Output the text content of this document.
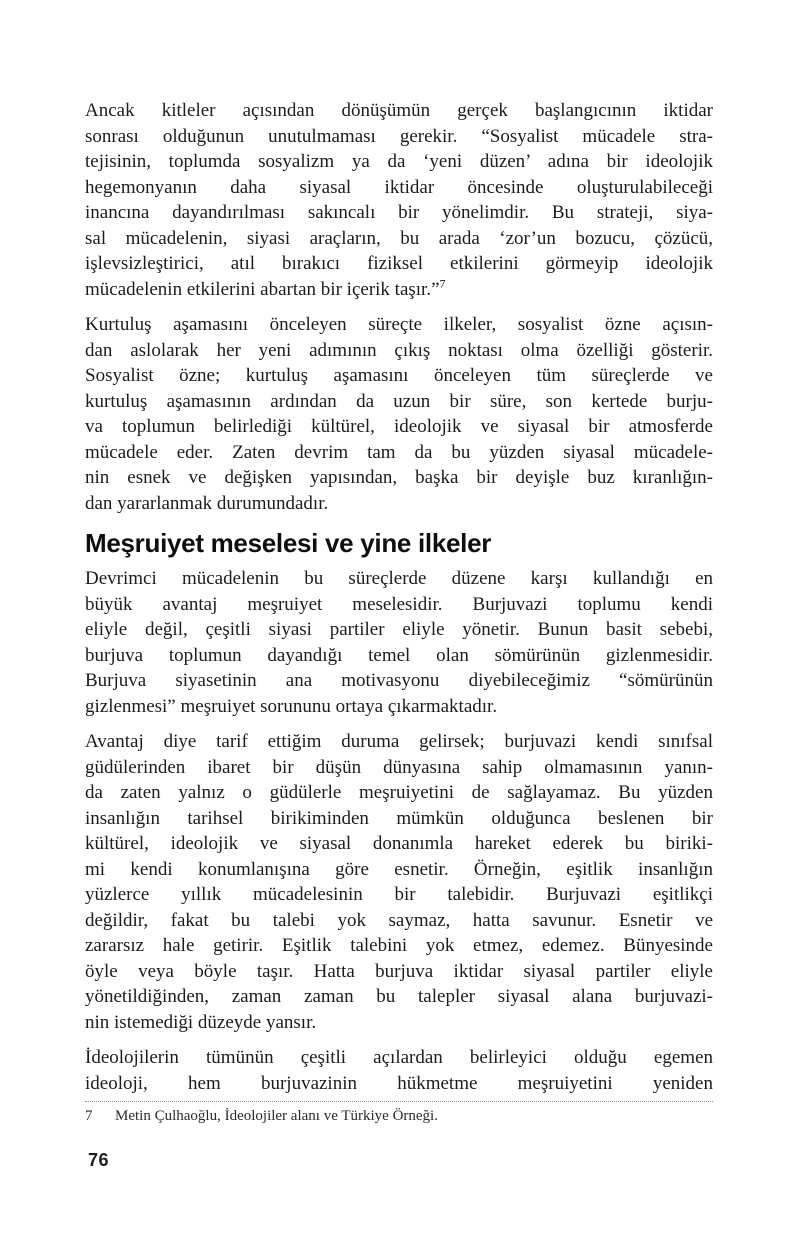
Ancak kitleler açısından dönüşümün gerçek başlangıcının iktidar
sonrası olduğunun unutulmaması gerekir. “Sosyalist mücadele stra-
tejisinin, toplumda sosyalizm ya da ‘yeni düzen’ adına bir ideolojik
hegemonyanın daha siyasal iktidar öncesinde oluşturulabileceği
inancına dayandırılması sakıncalı bir yönelimdir. Bu strateji, siya-
sal mücadelenin, siyasi araçların, bu arada ‘zor’un bozucu, çözücü,
işlevsizleştirici, atıl bırakıcı fiziksel etkilerini görmeyip ideolojik
mücadelenin etkilerini abartan bir içerik taşır.”$^7$
Kurtuluş aşamasını önceleyen süreçte ilkeler, sosyalist özne açısın-
dan aslolarak her yeni adımının çıkış noktası olma özelliği gösterir.
Sosyalist özne; kurtuluş aşamasını önceleyen tüm süreçlerde ve
kurtuluş aşamasının ardından da uzun bir süre, son kertede burju-
va toplumun belirlediği kültürel, ideolojik ve siyasal bir atmosferde
mücadele eder. Zaten devrim tam da bu yüzden siyasal mücadele-
nin esnek ve değişken yapısından, başka bir deyişle buz kıranlığın-
dan yararlanmak durumundadır.
Meşruiyet meselesi ve yine ilkeler
Devrimci mücadelenin bu süreçlerde düzene karşı kullandığı en
büyük avantaj meşruiyet meselesidir. Burjuvazi toplumu kendi
eliyle değil, çeşitli siyasi partiler eliyle yönetir. Bunun basit sebebi,
burjuva toplumun dayandığı temel olan sömürünün gizlenmesidir.
Burjuva siyasetinin ana motivasyonu diyebileceğimiz “sömürünün
gizlenmesi” meşruiyet sorununu ortaya çıkarmaktadır.
Avantaj diye tarif ettiğim duruma gelirsek; burjuvazi kendi sınıfsal
güdülerinden ibaret bir düşün dünyasına sahip olmamasının yanın-
da zaten yalnız o güdülerle meşruiyetini de sağlayamaz. Bu yüzden
insanlığın tarihsel birikiminden mümkün olduğunca beslenen bir
kültürel, ideolojik ve siyasal donanımla hareket ederek bu biriki-
mi kendi konumlanışına göre esnetir. Örneğin, eşitlik insanlığın
yüzlerce yıllık mücadelesinin bir talebidir. Burjuvazi eşitlikçi
değildir, fakat bu talebi yok saymaz, hatta savunur. Esnetir ve
zararsız hale getirir. Eşitlik talebini yok etmez, edemez. Bünyesinde
öyle veya böyle taşır. Hatta burjuva iktidar siyasal partiler eliyle
yönetildiğinden, zaman zaman bu talepler siyasal alana burjuvazi-
nin istemediği düzeyde yansır.
İdeolojilerin tümünün çeşitli açılardan belirleyici olduğu egemen
ideoloji, hem burjuvazinin hükmetme meşruiyetini yeniden
7 Metin Çulhaoğlu, İdeolojiler alanı ve Türkiye Örneği.
76
